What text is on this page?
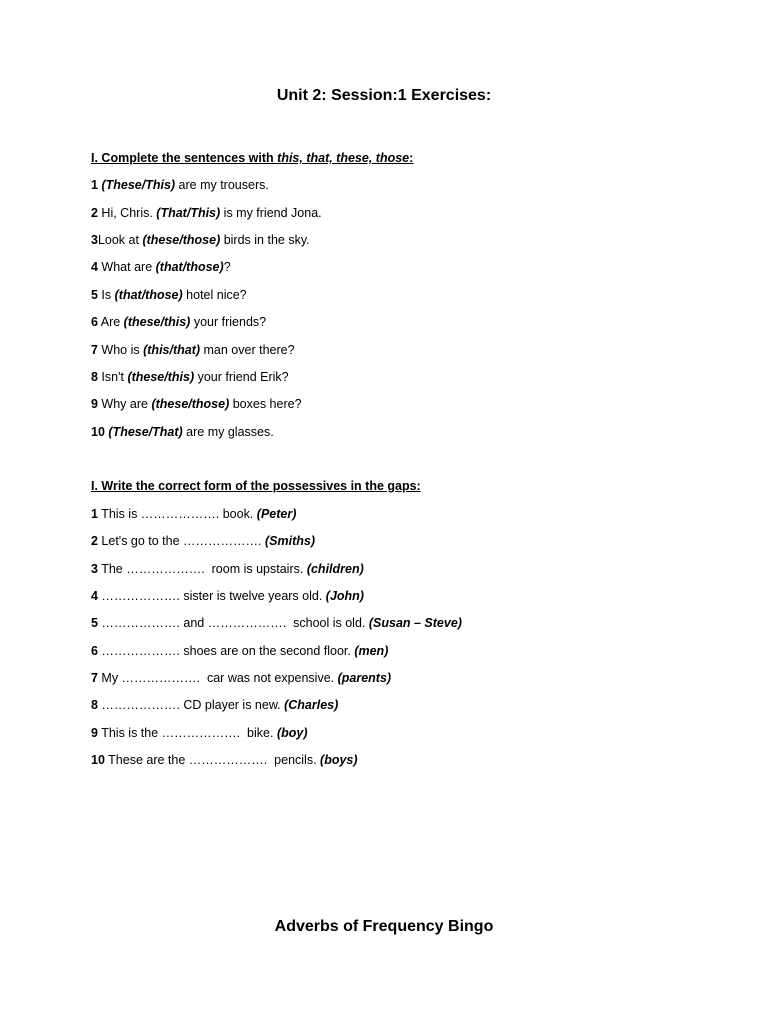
Unit 2: Session:1 Exercises:
I. Complete the sentences with this, that, these, those:
1 (These/This) are my trousers.
2 Hi, Chris. (That/This) is my friend Jona.
3Look at (these/those) birds in the sky.
4 What are (that/those)?
5 Is (that/those) hotel nice?
6 Are (these/this) your friends?
7 Who is (this/that) man over there?
8 Isn't (these/this) your friend Erik?
9 Why are (these/those) boxes here?
10 (These/That) are my glasses.
I. Write the correct form of the possessives in the gaps:
1 This is ………………. book. (Peter)
2 Let's go to the ………………. (Smiths)
3 The ……………….  room is upstairs. (children)
4 ………………. sister is twelve years old. (John)
5 ………………. and ……………….  school is old. (Susan – Steve)
6 ………………. shoes are on the second floor. (men)
7 My ……………….  car was not expensive. (parents)
8 ………………. CD player is new. (Charles)
9 This is the ……………….  bike. (boy)
10 These are the ……………….  pencils. (boys)
Adverbs of Frequency Bingo
